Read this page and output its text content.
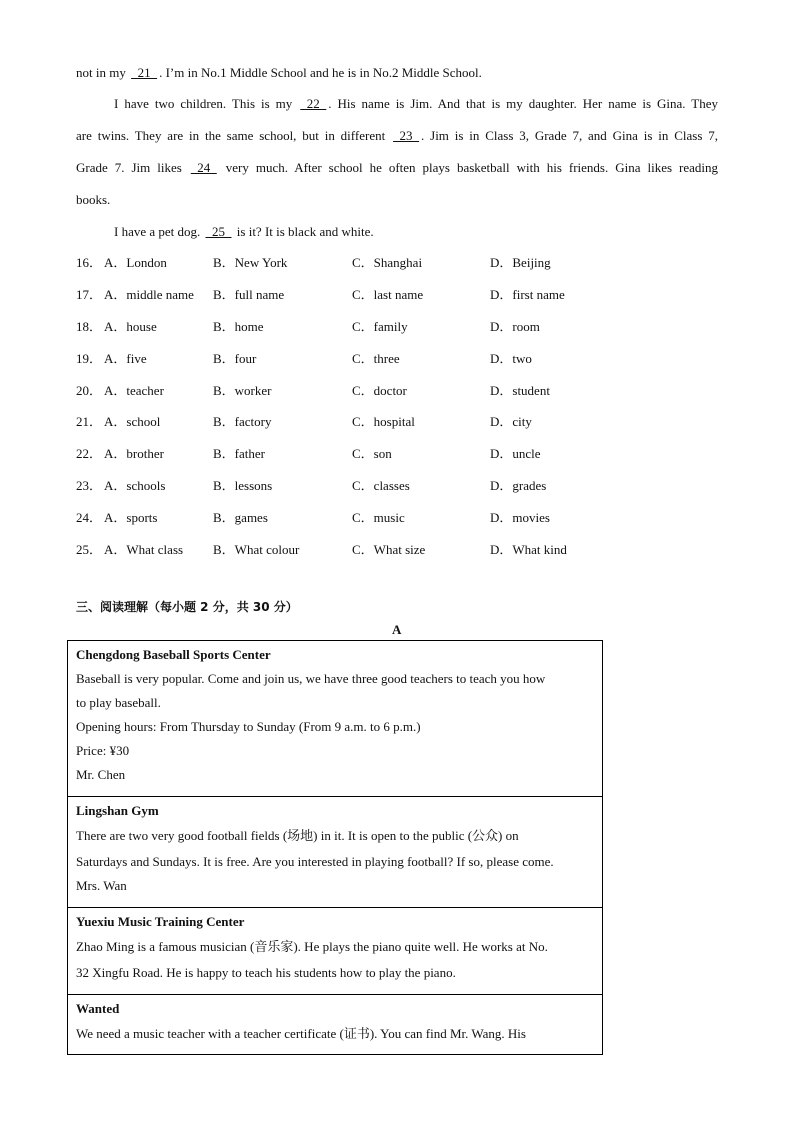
not in my   21  . I’m in No.1 Middle School and he is in No.2 Middle School.
I have two children. This is my   22  . His name is Jim. And that is my daughter. Her name is Gina. They
are twins. They are in the same school, but in different   23  . Jim is in Class 3, Grade 7, and Gina is in Class 7,
Grade 7. Jim likes   24   very much. After school he often plays basketball with his friends. Gina likes reading
books.
I have a pet dog.   25   is it? It is black and white.
16． A．London	B．New York	C．Shanghai	D．Beijing
17． A．middle name B．full name	C．last name	D．first name
18． A．house	B．home	C．family	D．room
19． A．five	B．four	C．three	D．two
20． A．teacher	B．worker	C．doctor	D．student
21． A．school	B．factory	C．hospital	D．city
22． A．brother	B．father	C．son	D．uncle
23． A．schools	B．lessons	C．classes	D．grades
24． A．sports	B．games	C．music	D．movies
25． A．What class B．What colour	C．What size	D．What kind
三、阅读理解（每小题 2 分，共 30 分）
A
Chengdong Baseball Sports Center
Baseball is very popular. Come and join us, we have three good teachers to teach you how
to play baseball.
Opening hours: From Thursday to Sunday (From 9 a.m. to 6 p.m.)
Price: ¥30
Mr. Chen
Lingshan Gym
There are two very good football fields (场地) in it. It is open to the public (公众) on
Saturdays and Sundays. It is free. Are you interested in playing football? If so, please come.
Mrs. Wan
Yuexiu Music Training Center
Zhao Ming is a famous musician (音乐家). He plays the piano quite well. He works at No.
32 Xingfu Road. He is happy to teach his students how to play the piano.
Wanted
We need a music teacher with a teacher certificate (证书). You can find Mr. Wang. His
